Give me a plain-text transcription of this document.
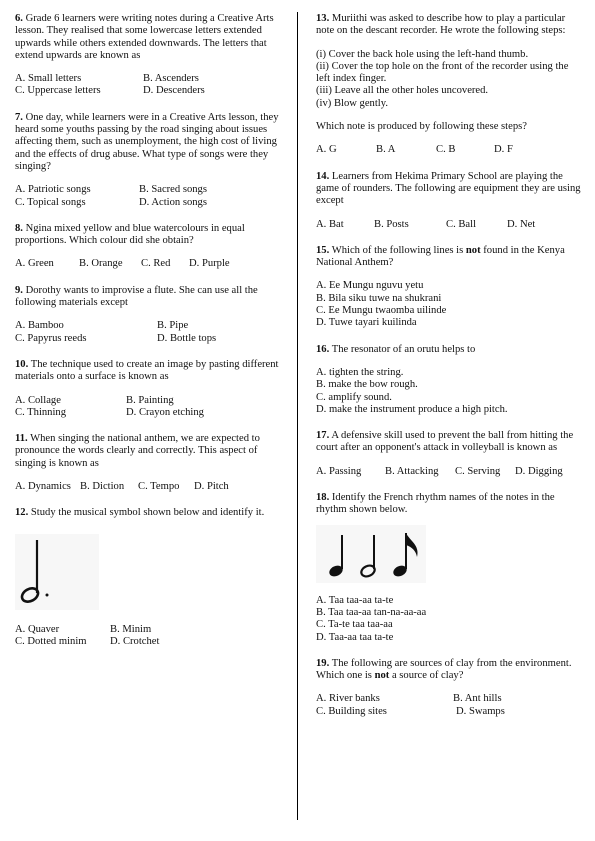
6. Grade 6 learners were writing notes during a Creative Arts lesson. They realised that some lowercase letters extended upwards while others extended downwards. The letters that extend upwards are known as

A. Small letters	B. Ascenders
C. Uppercase letters	D. Descenders

7. One day, while learners were in a Creative Arts lesson, they heard some youths passing by the road singing about issues affecting them, such as unemployment, the high cost of living and the effects of drug abuse. What type of songs were they singing?

A. Patriotic songs	B. Sacred songs
C. Topical songs	D. Action songs

8. Ngina mixed yellow and blue watercolours in equal proportions. Which colour did she obtain?

A. Green	B. Orange	C. Red	D. Purple

9. Dorothy wants to improvise a flute. She can use all the following materials except

A. Bamboo	B. Pipe
C. Papyrus reeds	D. Bottle tops

10. The technique used to create an image by pasting different materials onto a surface is known as

A. Collage	B. Painting
C. Thinning	D. Crayon etching

11. When singing the national anthem, we are expected to pronounce the words clearly and correctly. This aspect of singing is known as

A. Dynamics B. Diction	C. Tempo	D. Pitch

12. Study the musical symbol shown below and identify it.

A. Quaver	B. Minim
C. Dotted minim	D. Crotchet

13. Muriithi was asked to describe how to play a particular note on the descant recorder. He wrote the following steps:

(i) Cover the back hole using the left-hand thumb.

(ii) Cover the top hole on the front of the recorder using the left index finger.

(iii) Leave all the other holes uncovered.

(iv) Blow gently.

Which note is produced by following these steps?

A. G	B. A	C. B	D. F

14. Learners from Hekima Primary School are playing the game of rounders. The following are equipment they are using except

A. Bat	B. Posts	C. Ball	D. Net

15. Which of the following lines is not found in the Kenya National Anthem?

A. Ee Mungu nguvu yetu

B. Bila siku tuwe na shukrani

C. Ee Mungu twaomba uilinde

D. Tuwe tayari kuilinda

16. The resonator of an orutu helps to

A. tighten the string.

B. make the bow rough.

C. amplify sound.

D. make the instrument produce a high pitch.

17. A defensive skill used to prevent the ball from hitting the court after an opponent's attack in volleyball is known as

A. Passing	B. Attacking	C. Serving	D. Digging

18. Identify the French rhythm names of the notes in the rhythm shown below.

A. Taa taa-aa ta-te

B. Taa taa-aa tan-na-aa-aa

C. Ta-te taa taa-aa

D. Taa-aa taa ta-te

19. The following are sources of clay from the environment. Which one is not a source of clay?

A. River banks	B. Ant hills
C. Building sites	D. Swamps
